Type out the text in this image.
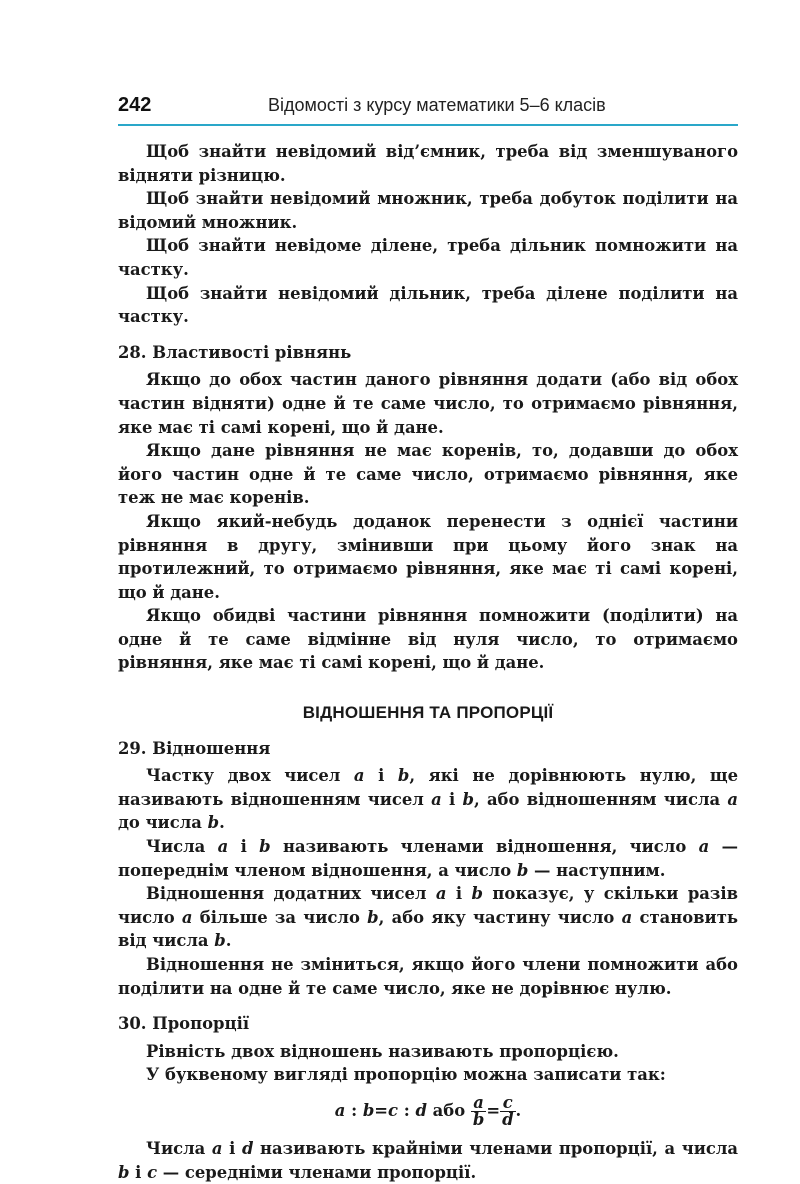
242	Відомості з курсу математики 5–6 класів

Щоб знайти невідомий від’ємник, треба від зменшуваного відняти різницю.

Щоб знайти невідомий множник, треба добуток поділити на відомий множник.

Щоб знайти невідоме ділене, треба дільник помножити на частку.

Щоб знайти невідомий дільник, треба ділене поділити на частку.

28. Властивості рівнянь

Якщо до обох частин даного рівняння додати (або від обох частин відняти) одне й те саме число, то отримаємо рівняння, яке має ті самі корені, що й дане.

Якщо дане рівняння не має коренів, то, додавши до обох його частин одне й те саме число, отримаємо рівняння, яке теж не має коренів.

Якщо який-небудь доданок перенести з однієї частини рівняння в другу, змінивши при цьому його знак на протилежний, то отримаємо рівняння, яке має ті самі корені, що й дане.

Якщо обидві частини рівняння помножити (поділити) на одне й те саме відмінне від нуля число, то отримаємо рівняння, яке має ті самі корені, що й дане.

ВІДНОШЕННЯ ТА ПРОПОРЦІЇ

29. Відношення

Частку двох чисел a і b, які не дорівнюють нулю, ще називають відношенням чисел a і b, або відношенням числа a до числа b.

Числа a і b називають членами відношення, число a — попереднім членом відношення, а число b — наступним.

Відношення додатних чисел a і b показує, у скільки разів число a більше за число b, або яку частину число a становить від числа b.

Відношення не зміниться, якщо його члени помножити або поділити на одне й те саме число, яке не дорівнює нулю.

30. Пропорції

Рівність двох відношень називають пропорцією.

У буквеному вигляді пропорцію можна записати так:

a : b=c : d або $\frac{a}{b} = \frac{c}{d}$ .

Числа a і d називають крайніми членами пропорції, а числа b і c — середніми членами пропорції.
